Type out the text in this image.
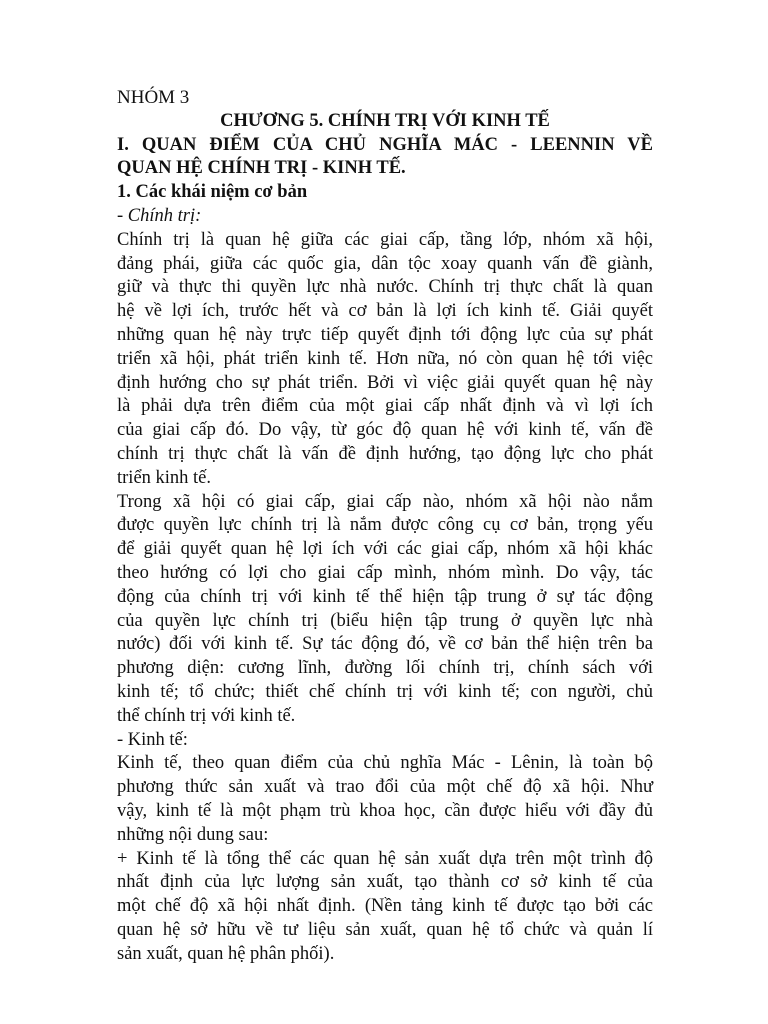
NHÓM 3

CHƯƠNG 5. CHÍNH TRỊ VỚI KINH TẾ

I. QUAN ĐIỂM CỦA CHỦ NGHĨA MÁC - LEENNIN VỀ

QUAN HỆ CHÍNH TRỊ - KINH TẾ.

1. Các khái niệm cơ bản

- Chính trị:

Chính trị là quan hệ giữa các giai cấp, tầng lớp, nhóm xã hội,

đảng phái, giữa các quốc gia, dân tộc xoay quanh vấn đề giành,

giữ và thực thi quyền lực nhà nước. Chính trị thực chất là quan

hệ về lợi ích, trước hết và cơ bản là lợi ích kinh tế. Giải quyết

những quan hệ này trực tiếp quyết định tới động lực của sự phát

triển xã hội, phát triển kinh tế. Hơn nữa, nó còn quan hệ tới việc

định hướng cho sự phát triển. Bởi vì việc giải quyết quan hệ này

là phải dựa trên điểm của một giai cấp nhất định và vì lợi ích

của giai cấp đó. Do vậy, từ góc độ quan hệ với kinh tế, vấn đề

chính trị thực chất là vấn đề định hướng, tạo động lực cho phát

triển kinh tế.

Trong xã hội có giai cấp, giai cấp nào, nhóm xã hội nào nắm

được quyền lực chính trị là nắm được công cụ cơ bản, trọng yếu

để giải quyết quan hệ lợi ích với các giai cấp, nhóm xã hội khác

theo hướng có lợi cho giai cấp mình, nhóm mình. Do vậy, tác

động của chính trị với kinh tế thể hiện tập trung ở sự tác động

của quyền lực chính trị (biểu hiện tập trung ở quyền lực nhà

nước) đối với kinh tế. Sự tác động đó, về cơ bản thể hiện trên ba

phương diện: cương lĩnh, đường lối chính trị, chính sách với

kinh tế; tổ chức; thiết chế chính trị với kinh tế; con người, chủ

thể chính trị với kinh tế.

- Kinh tế:

Kinh tế, theo quan điểm của chủ nghĩa Mác - Lênin, là toàn bộ

phương thức sản xuất và trao đổi của một chế độ xã hội. Như

vậy, kinh tế là một phạm trù khoa học, cần được hiểu với đầy đủ

những nội dung sau:

+ Kinh tế là tổng thể các quan hệ sản xuất dựa trên một trình độ

nhất định của lực lượng sản xuất, tạo thành cơ sở kinh tế của

một chế độ xã hội nhất định. (Nền tảng kinh tế được tạo bởi các

quan hệ sở hữu về tư liệu sản xuất, quan hệ tổ chức và quản lí

sản xuất, quan hệ phân phối).
